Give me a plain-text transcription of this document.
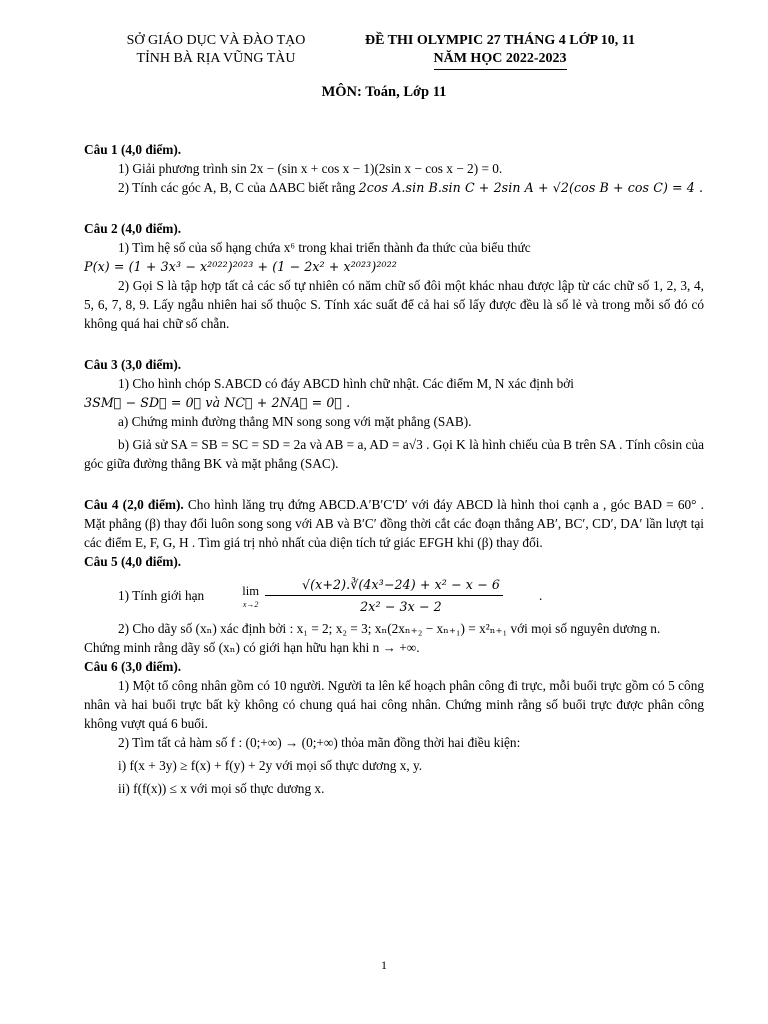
SỞ GIÁO DỤC VÀ ĐÀO TẠO
TỈNH BÀ RỊA VŨNG TÀU
ĐỀ THI OLYMPIC 27 THÁNG 4 LỚP 10, 11
NĂM HỌC 2022-2023
MÔN: Toán, Lớp 11
Câu 1 (4,0 điểm).
1) Giải phương trình sin 2x − (sin x + cos x − 1)(2sin x − cos x − 2) = 0.
2) Tính các góc A, B, C của ΔABC biết rằng 2cos A.sin B.sin C + 2sin A + √2(cos B + cos C) = 4 .
Câu 2 (4,0 điểm).
1) Tìm hệ số của số hạng chứa x⁶ trong khai triển thành đa thức của biểu thức
P(x) = (1 + 3x³ − x²⁰²²)²⁰²³ + (1 − 2x² + x²⁰²³)²⁰²²
2) Gọi S là tập hợp tất cả các số tự nhiên có năm chữ số đôi một khác nhau được lập từ các chữ số 1, 2, 3, 4, 5, 6, 7, 8, 9. Lấy ngẫu nhiên hai số thuộc S. Tính xác suất để cả hai số lấy được đều là số lẻ và trong mỗi số đó có không quá hai chữ số chẵn.
Câu 3 (3,0 điểm).
1) Cho hình chóp S.ABCD có đáy ABCD hình chữ nhật. Các điểm M, N xác định bởi
3SM⃗ − SD⃗ = 0⃗ và NC⃗ + 2NA⃗ = 0⃗ .
a) Chứng minh đường thẳng MN song song với mặt phẳng (SAB).
b) Giả sử SA = SB = SC = SD = 2a và AB = a, AD = a√3 . Gọi K là hình chiếu của B trên SA . Tính côsin của góc giữa đường thẳng BK và mặt phẳng (SAC).
Câu 4 (2,0 điểm). Cho hình lăng trụ đứng ABCD.A′B′C′D′ với đáy ABCD là hình thoi cạnh a , góc BAD = 60° . Mặt phẳng (β) thay đổi luôn song song với AB và B′C′ đồng thời cắt các đoạn thẳng AB′, BC′, CD′, DA′ lần lượt tại các điểm E, F, G, H . Tìm giá trị nhỏ nhất của diện tích tứ giác EFGH khi (β) thay đổi.
Câu 5 (4,0 điểm).
1) Tính giới hạn	lim
$x\to 2 \frac{\text{√(x+2).∛(4x³−24) + x² − x − 6}}{\text{2x² − 3x − 2}}$	.
2) Cho dãy số (xₙ) xác định bởi : x₁ = 2; x₂ = 3; xₙ(2xₙ₊₂ − xₙ₊₁) = x²ₙ₊₁ với mọi số nguyên dương n.
Chứng minh rằng dãy số (xₙ) có giới hạn hữu hạn khi n → +∞.
Câu 6 (3,0 điểm).
1) Một tổ công nhân gồm có 10 người. Người ta lên kế hoạch phân công đi trực, mỗi buổi trực gồm có 5 công nhân và hai buổi trực bất kỳ không có chung quá hai công nhân. Chứng minh rằng số buổi trực được phân công không vượt quá 6 buổi.
2) Tìm tất cả hàm số f : (0;+∞) → (0;+∞) thỏa mãn đồng thời hai điều kiện:
i) f(x + 3y) ≥ f(x) + f(y) + 2y với mọi số thực dương x, y.
ii) f(f(x)) ≤ x với mọi số thực dương x.
1
